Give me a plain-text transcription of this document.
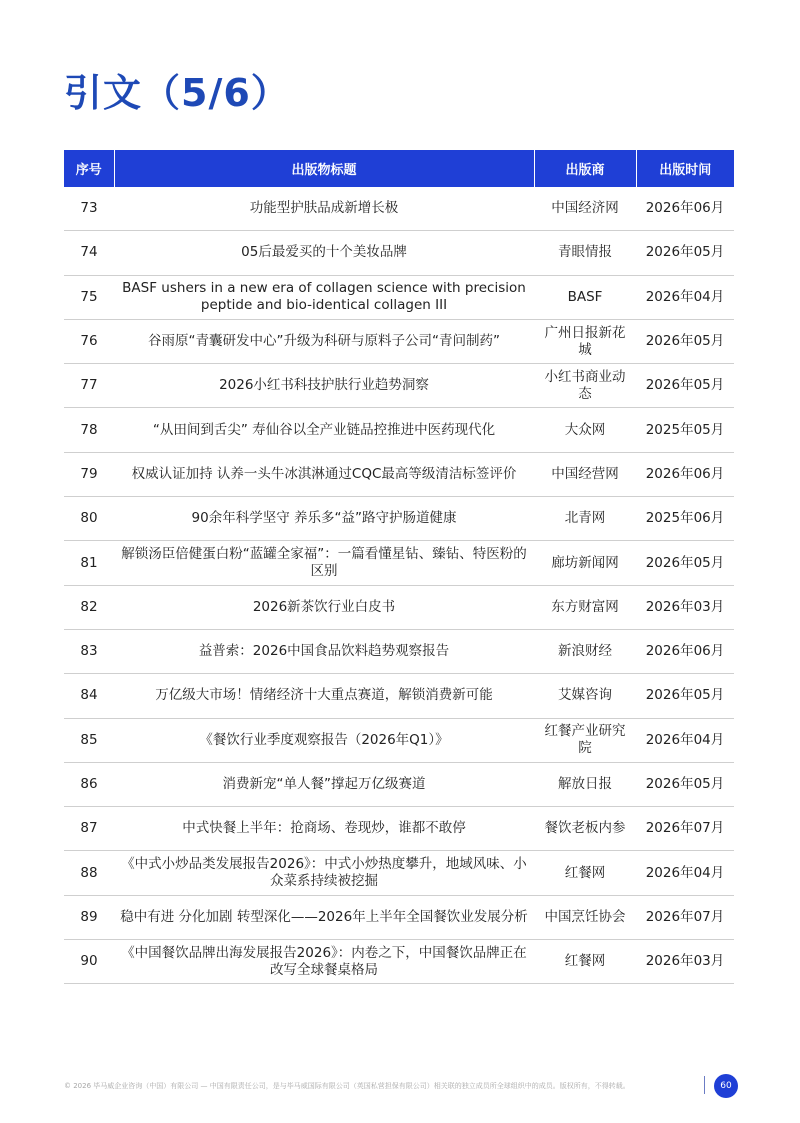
引文（5/6）
序号	出版物标题	出版商	出版时间
73	功能型护肤品成新增长极	中国经济网	2026年06月
74	05后最爱买的十个美妆品牌	青眼情报	2026年05月
75	BASF ushers in a new era of collagen science with precision peptide and bio-identical collagen III	BASF	2026年04月
76	谷雨原“青囊研发中心”升级为科研与原料子公司“青问制药”	广州日报新花城	2026年05月
77	2026小红书科技护肤行业趋势洞察	小红书商业动态	2026年05月
78	“从田间到舌尖” 寿仙谷以全产业链品控推进中医药现代化	大众网	2025年05月
79	权威认证加持 认养一头牛冰淇淋通过CQC最高等级清洁标签评价	中国经营网	2026年06月
80	90余年科学坚守 养乐多“益”路守护肠道健康	北青网	2025年06月
81	解锁汤臣倍健蛋白粉“蓝罐全家福”：一篇看懂星钻、臻钻、特医粉的区别	廊坊新闻网	2026年05月
82	2026新茶饮行业白皮书	东方财富网	2026年03月
83	益普索：2026中国食品饮料趋势观察报告	新浪财经	2026年06月
84	万亿级大市场！情绪经济十大重点赛道，解锁消费新可能	艾媒咨询	2026年05月
85	《餐饮行业季度观察报告（2026年Q1）》	红餐产业研究院	2026年04月
86	消费新宠“单人餐”撑起万亿级赛道	解放日报	2026年05月
87	中式快餐上半年：抢商场、卷现炒，谁都不敢停	餐饮老板内参	2026年07月
88	《中式小炒品类发展报告2026》：中式小炒热度攀升，地域风味、小众菜系持续被挖掘	红餐网	2026年04月
89	稳中有进 分化加剧 转型深化——2026年上半年全国餐饮业发展分析	中国烹饪协会	2026年07月
90	《中国餐饮品牌出海发展报告2026》：内卷之下，中国餐饮品牌正在改写全球餐桌格局	红餐网	2026年03月
© 2026 毕马威企业咨询（中国）有限公司 — 中国有限责任公司，是与毕马威国际有限公司（英国私营担保有限公司）相关联的独立成员所全球组织中的成员。版权所有，不得转载。	60
